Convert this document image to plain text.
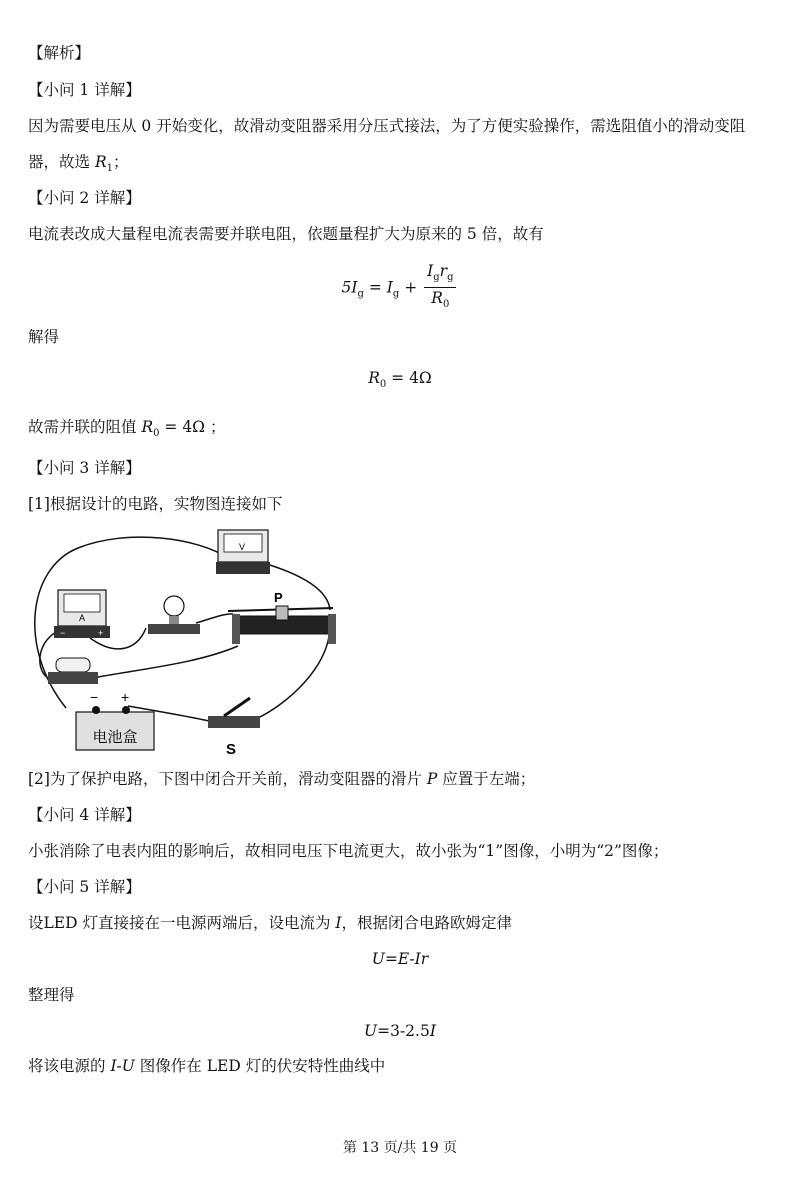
【解析】
【小问 1 详解】
因为需要电压从 0 开始变化，故滑动变阻器采用分压式接法，为了方便实验操作，需选阻值小的滑动变阻
器，故选 $R_1$；
【小问 2 详解】
电流表改成大量程电流表需要并联电阻，依题量程扩大为原来的 5 倍，故有
$5I_g = I_g + \frac{I_gr_g}{R_0}$
解得
$R_0 = 4\Omega$
故需并联的阻值 $R_0 = 4\Omega$ ；
【小问 3 详解】
[1]根据设计的电路，实物图连接如下
V
A
−	+
P
电池盒
− +
S
[2]为了保护电路，下图中闭合开关前，滑动变阻器的滑片 P 应置于左端；
【小问 4 详解】
小张消除了电表内阻的影响后，故相同电压下电流更大，故小张为“1”图像，小明为“2”图像；
【小问 5 详解】
设LED 灯直接接在一电源两端后，设电流为 I，根据闭合电路欧姆定律
U=E-Ir
整理得
U=3-2.5I
将该电源的 I-U 图像作在 LED 灯的伏安特性曲线中
第 13 页/共 19 页
